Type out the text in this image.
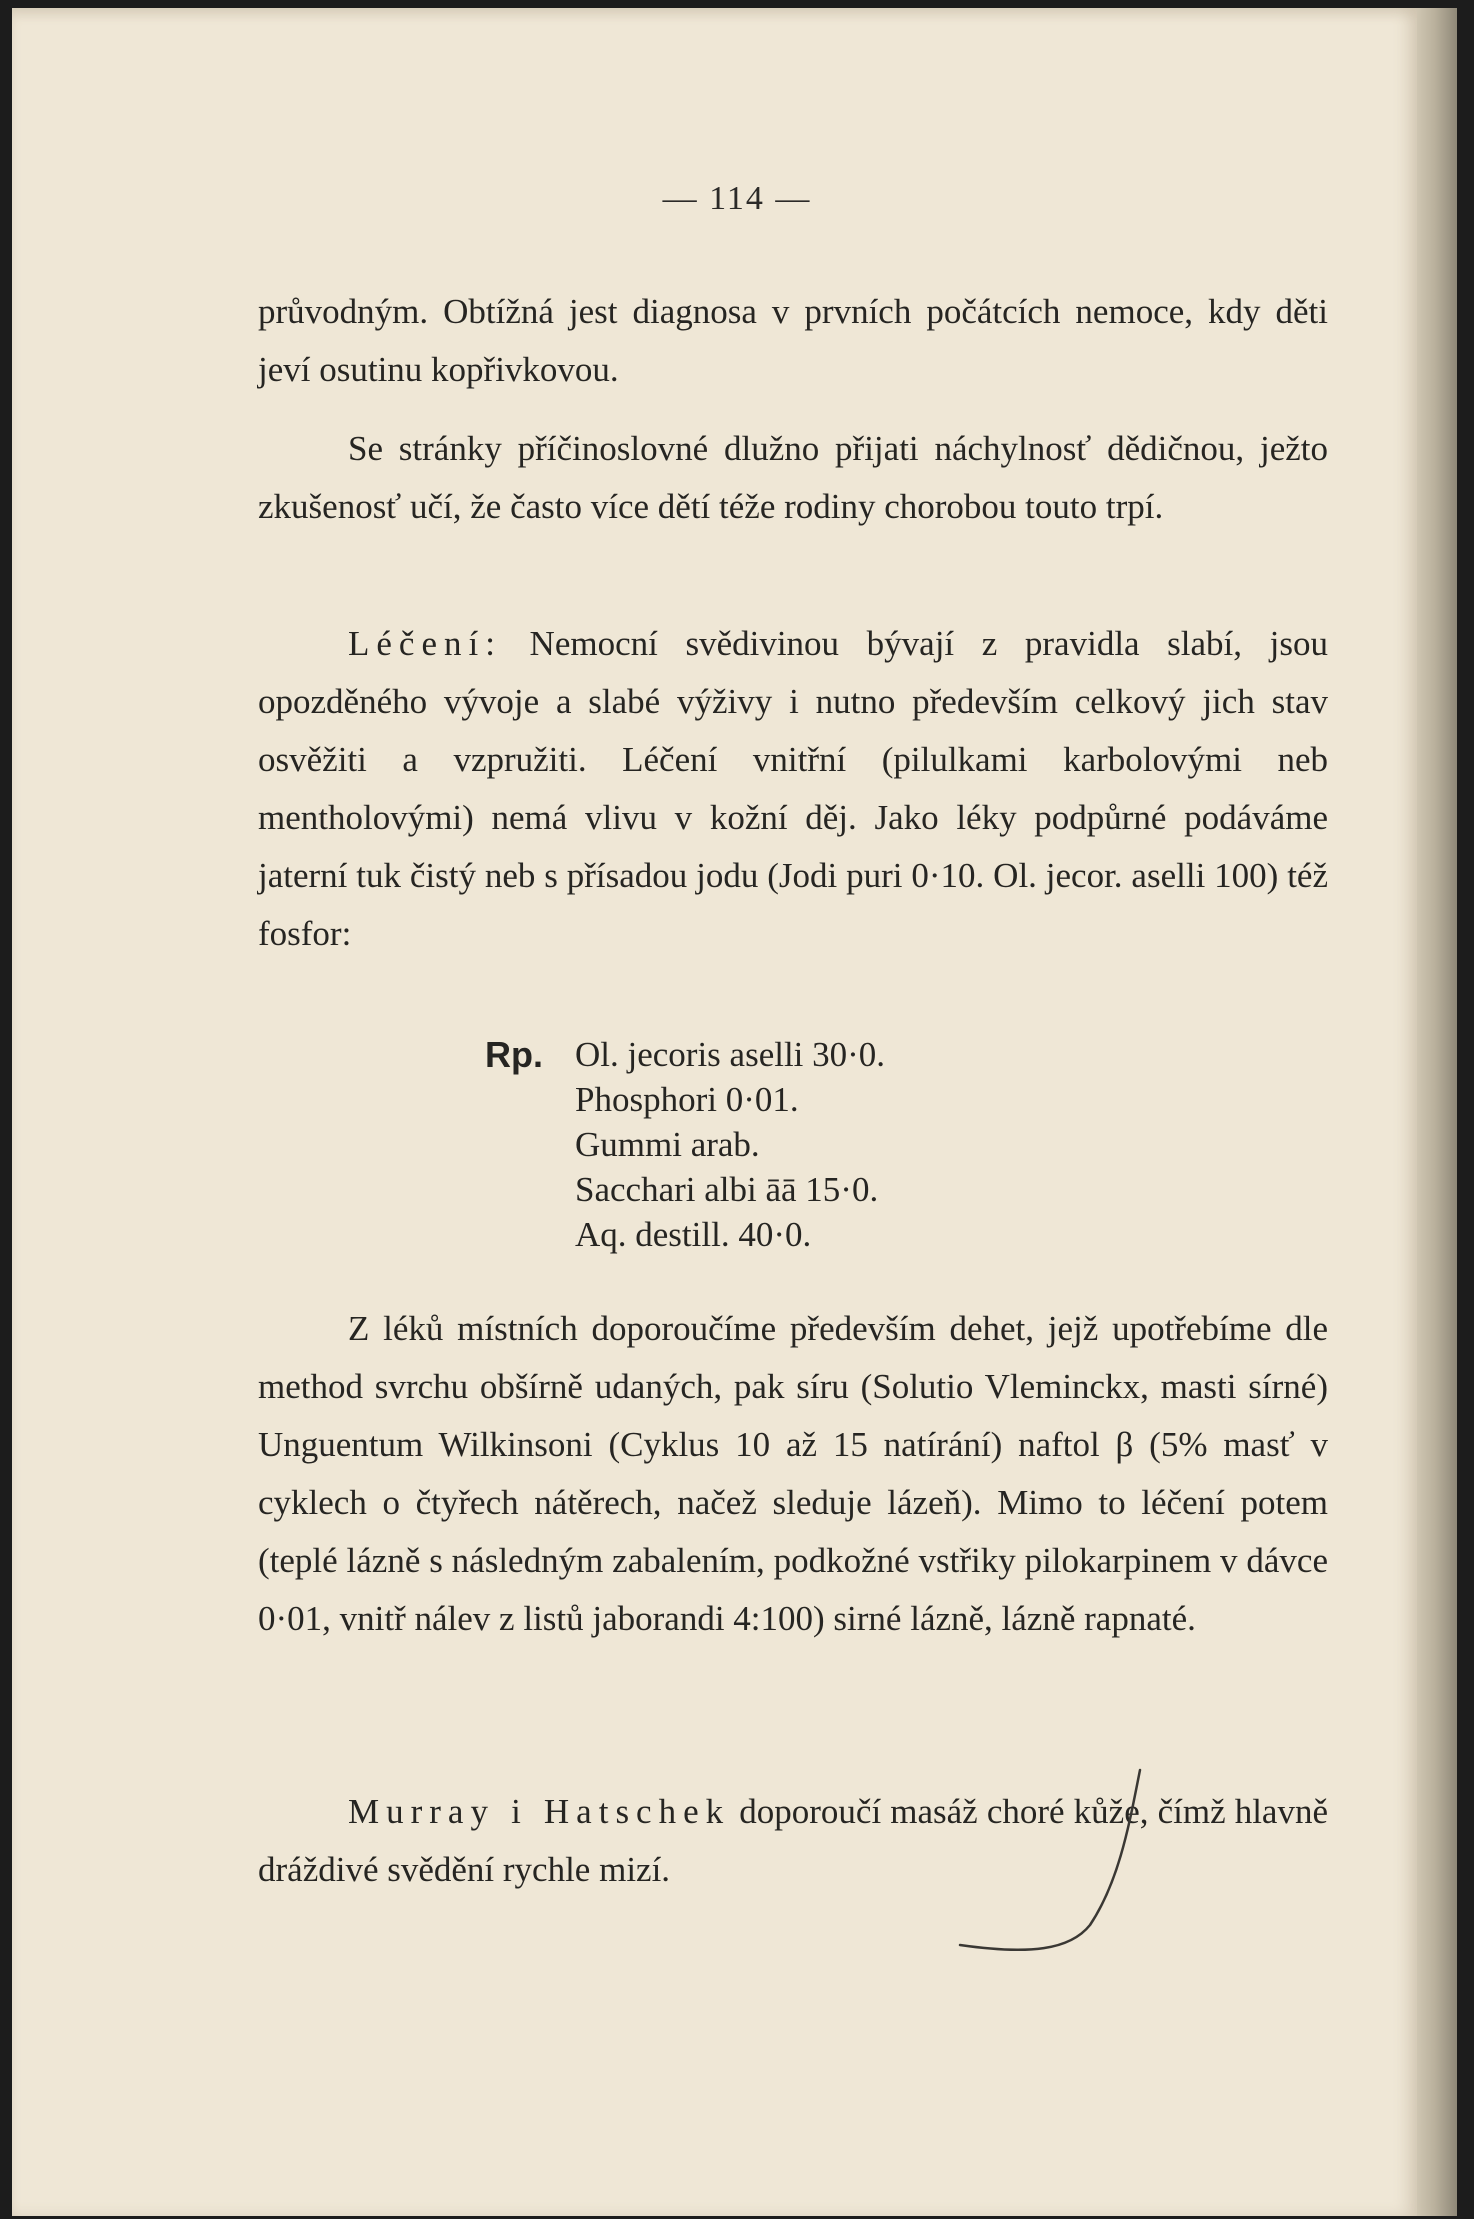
— 114 —

průvodným. Obtížná jest diagnosa v prvních počátcích nemoce, kdy děti jeví osutinu kopřivkovou.

Se stránky příčinoslovné dlužno přijati náchylnosť dědičnou, ježto zkušenosť učí, že často více dětí téže rodiny chorobou touto trpí.

Léčení: Nemocní svědivinou bývají z pravidla slabí, jsou opozděného vývoje a slabé výživy i nutno především celkový jich stav osvěžiti a vzpružiti. Léčení vnitřní (pilulkami karbolovými neb mentholovými) nemá vlivu v kožní děj. Jako léky podpůrné podáváme jaterní tuk čistý neb s přísadou jodu (Jodi puri 0·10. Ol. jecor. aselli 100) též fosfor:

Rp. Ol. jecoris aselli 30·0.
Phosphori 0·01.
Gummi arab.
Sacchari albi āā 15·0.
Aq. destill. 40·0.

Z léků místních doporoučíme především dehet, jejž upotřebíme dle method svrchu obšírně udaných, pak síru (Solutio Vleminckx, masti sírné) Unguentum Wilkinsoni (Cyklus 10 až 15 natírání) naftol β (5% masť v cyklech o čtyřech nátěrech, načež sleduje lázeň). Mimo to léčení potem (teplé lázně s následným zabalením, podkožné vstřiky pilokarpinem v dávce 0·01, vnitř nálev z listů jaborandi 4:100) sirné lázně, lázně rapnaté.

Murray i Hatschek doporoučí masáž choré kůže, čímž hlavně dráždivé svědění rychle mizí.
